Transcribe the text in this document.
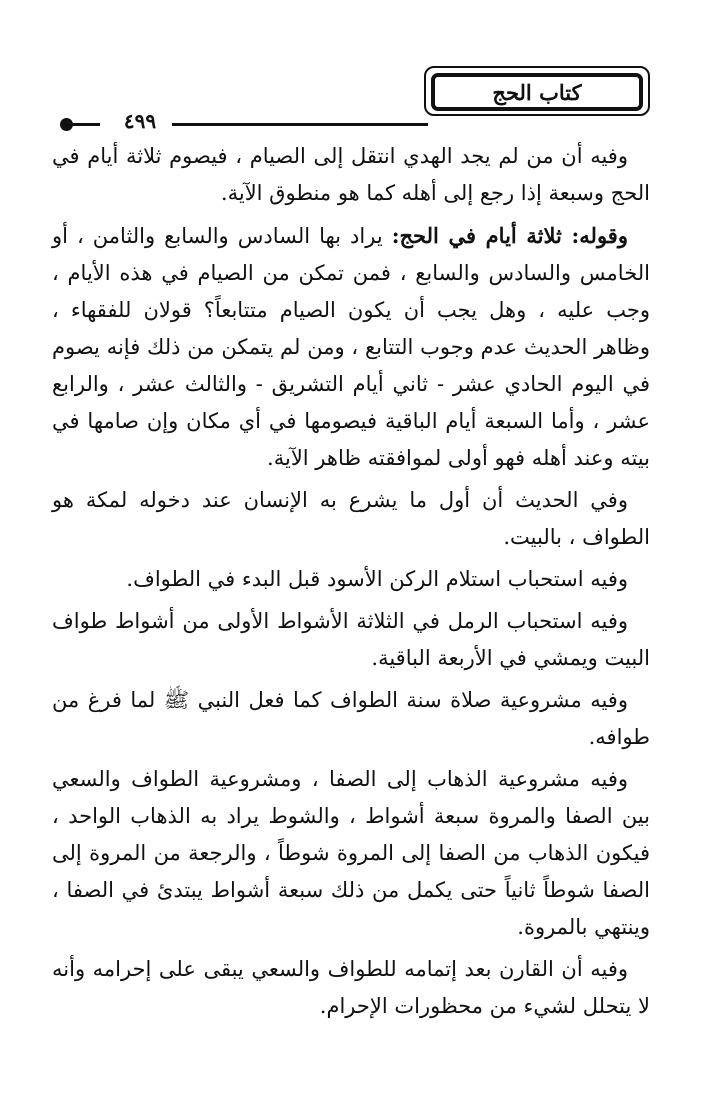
كتاب الحج
٤٩٩

وفيه أن من لم يجد الهدي انتقل إلى الصيام ، فيصوم ثلاثة أيام في الحج وسبعة إذا رجع إلى أهله كما هو منطوق الآية.

وقوله: ثلاثة أيام في الحج: يراد بها السادس والسابع والثامن ، أو الخامس والسادس والسابع ، فمن تمكن من الصيام في هذه الأيام ، وجب عليه ، وهل يجب أن يكون الصيام متتابعاً؟ قولان للفقهاء ، وظاهر الحديث عدم وجوب التتابع ، ومن لم يتمكن من ذلك فإنه يصوم في اليوم الحادي عشر - ثاني أيام التشريق - والثالث عشر ، والرابع عشر ، وأما السبعة أيام الباقية فيصومها في أي مكان وإن صامها في بيته وعند أهله فهو أولى لموافقته ظاهر الآية.

وفي الحديث أن أول ما يشرع به الإنسان عند دخوله لمكة هو الطواف ، بالبيت.

وفيه استحباب استلام الركن الأسود قبل البدء في الطواف.

وفيه استحباب الرمل في الثلاثة الأشواط الأولى من أشواط طواف البيت ويمشي في الأربعة الباقية.

وفيه مشروعية صلاة سنة الطواف كما فعل النبي ﷺ لما فرغ من طوافه.

وفيه مشروعية الذهاب إلى الصفا ، ومشروعية الطواف والسعي بين الصفا والمروة سبعة أشواط ، والشوط يراد به الذهاب الواحد ، فيكون الذهاب من الصفا إلى المروة شوطاً ، والرجعة من المروة إلى الصفا شوطاً ثانياً حتى يكمل من ذلك سبعة أشواط يبتدئ في الصفا ، وينتهي بالمروة.

وفيه أن القارن بعد إتمامه للطواف والسعي يبقى على إحرامه وأنه لا يتحلل لشيء من محظورات الإحرام.
